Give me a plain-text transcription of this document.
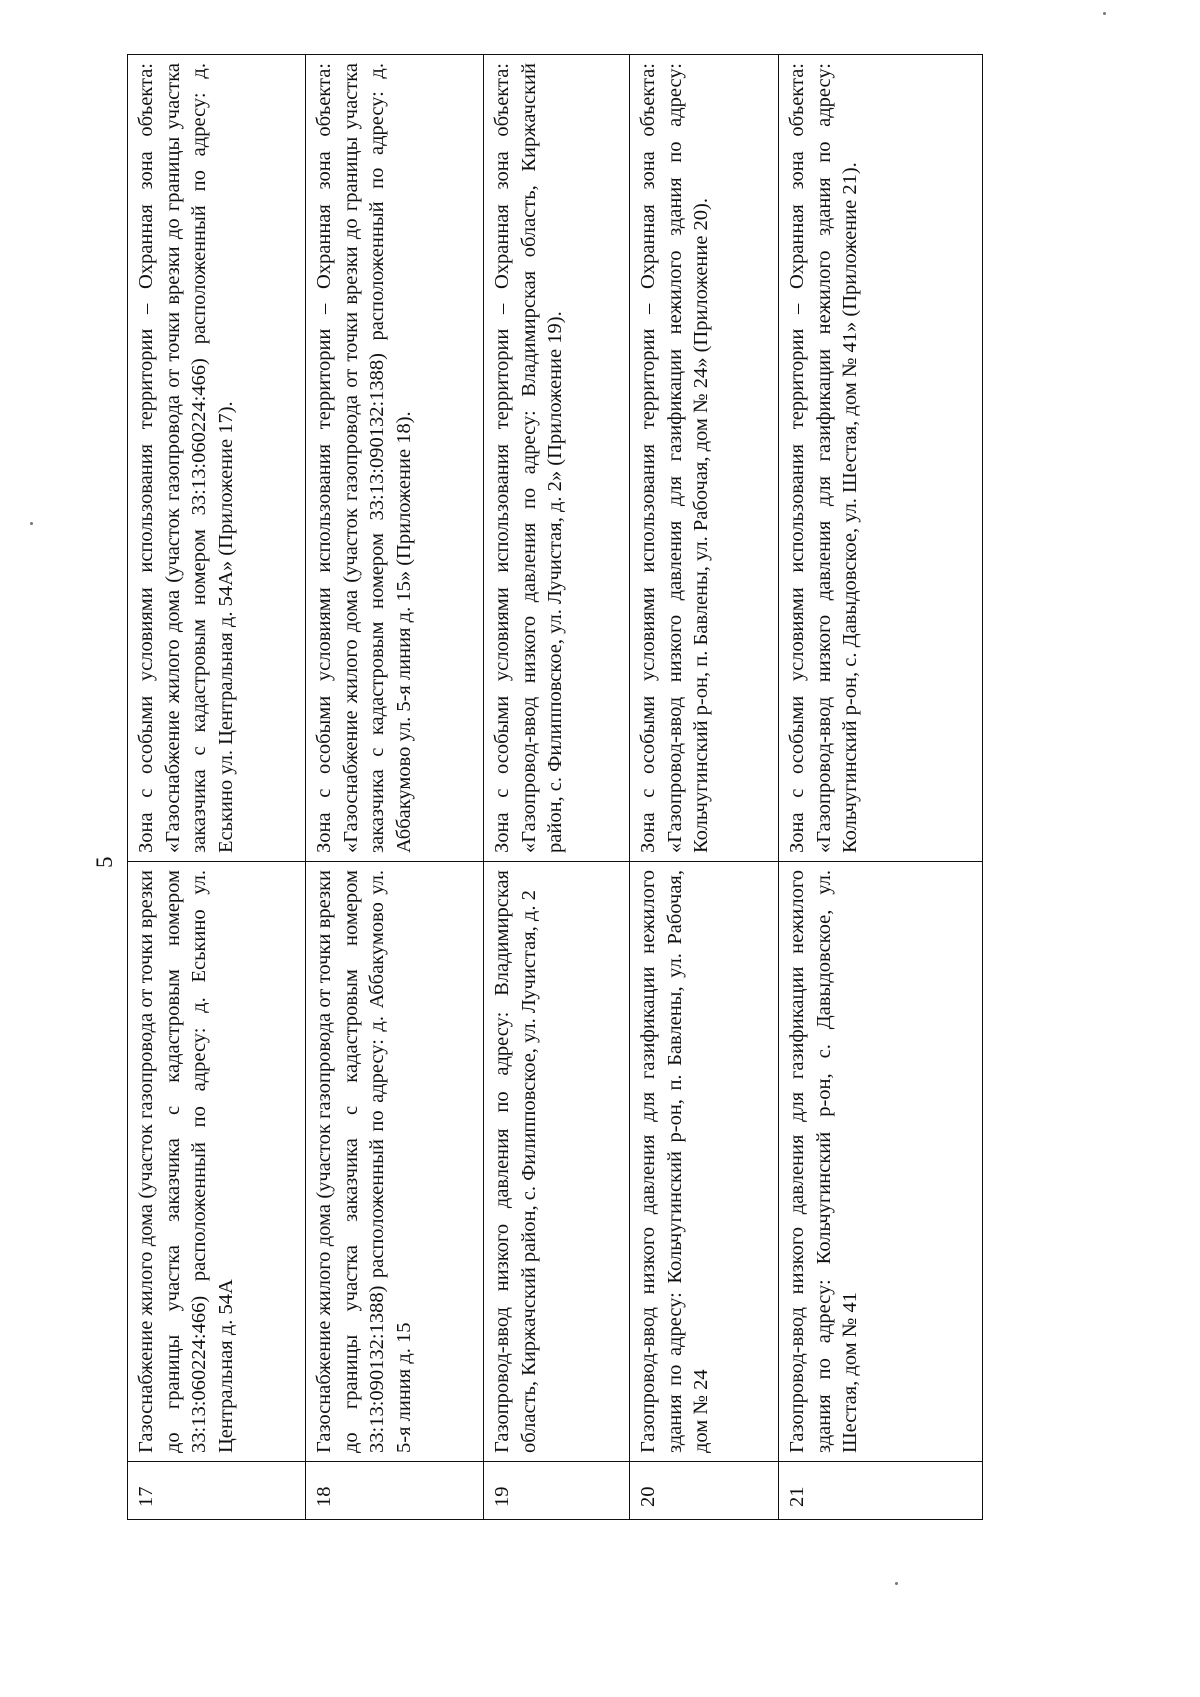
5
17	Газоснабжение жилого дома (участок газопровода от точки врезки до границы участка заказчика с кадастровым номером 33:13:060224:466) расположенный по адресу: д. Еськино ул. Центральная д. 54А	Зона с особыми условиями использования территории – Охранная зона объекта: «Газоснабжение жилого дома (участок газопровода от точки врезки до границы участка заказчика с кадастровым номером 33:13:060224:466) расположенный по адресу: д. Еськино ул. Центральная д. 54А» (Приложение 17).
18	Газоснабжение жилого дома (участок газопровода от точки врезки до границы участка заказчика с кадастровым номером 33:13:090132:1388) расположенный по адресу: д. Аббакумово ул. 5-я линия д. 15	Зона с особыми условиями использования территории – Охранная зона объекта: «Газоснабжение жилого дома (участок газопровода от точки врезки до границы участка заказчика с кадастровым номером 33:13:090132:1388) расположенный по адресу: д. Аббакумово ул. 5-я линия д. 15» (Приложение 18).
19	Газопровод-ввод низкого давления по адресу: Владимирская область, Киржачский район, с. Филипповское, ул. Лучистая, д. 2	Зона с особыми условиями использования территории – Охранная зона объекта: «Газопровод-ввод низкого давления по адресу: Владимирская область, Киржачский район, с. Филипповское, ул. Лучистая, д. 2» (Приложение 19).
20	Газопровод-ввод низкого давления для газификации нежилого здания по адресу: Кольчугинский р-он, п. Бавлены, ул. Рабочая, дом № 24	Зона с особыми условиями использования территории – Охранная зона объекта: «Газопровод-ввод низкого давления для газификации нежилого здания по адресу: Кольчугинский р-он, п. Бавлены, ул. Рабочая, дом № 24» (Приложение 20).
21	Газопровод-ввод низкого давления для газификации нежилого здания по адресу: Кольчугинский р-он, с. Давыдовское, ул. Шестая, дом № 41	Зона с особыми условиями использования территории – Охранная зона объекта: «Газопровод-ввод низкого давления для газификации нежилого здания по адресу: Кольчугинский р-он, с. Давыдовское, ул. Шестая, дом № 41» (Приложение 21).
